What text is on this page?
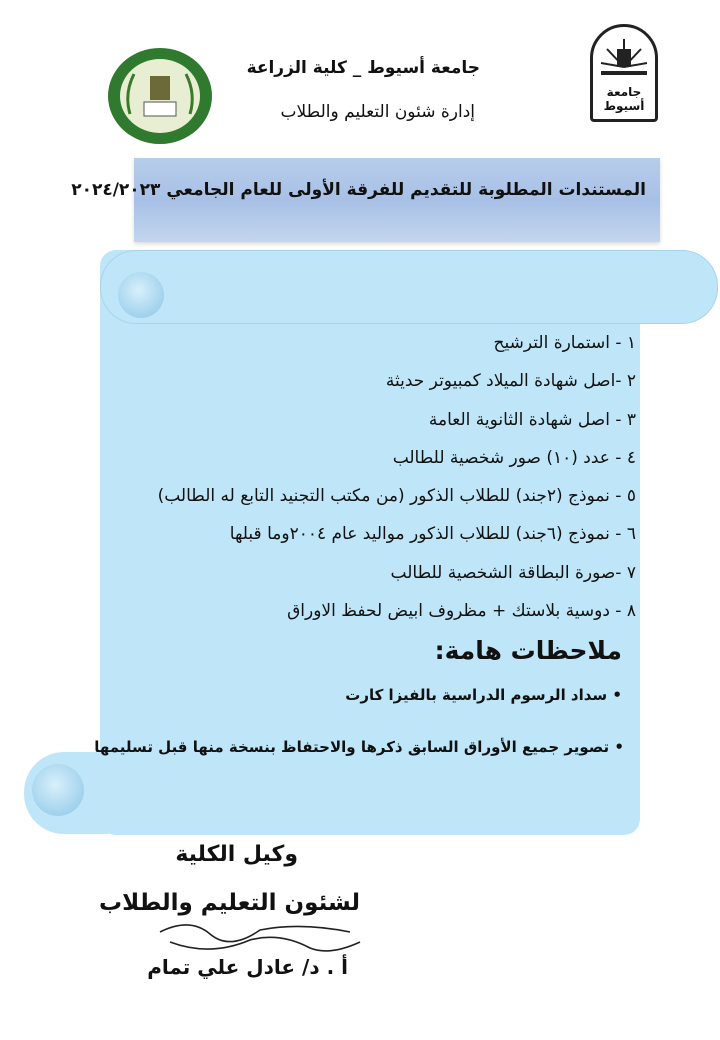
جامعة أسيوط
جامعة أسيوط _ كلية الزراعة
إدارة شئون التعليم والطلاب
المستندات المطلوبة للتقديم للفرقة الأولى للعام الجامعي ٢٠٢٤/٢٠٢٣
١ - استمارة الترشيح
٢ -اصل شهادة الميلاد كمبيوتر حديثة
٣ - اصل شهادة الثانوية العامة
٤ - عدد (١٠) صور شخصية للطالب
٥ - نموذج (٢جند) للطلاب الذكور (من مكتب التجنيد التابع له الطالب)
٦ - نموذج (٦جند) للطلاب الذكور مواليد عام ٢٠٠٤وما قبلها
٧ -صورة البطاقة الشخصية للطالب
٨ - دوسية بلاستك + مظروف ابيض لحفظ الاوراق
ملاحظات هامة:
• سداد الرسوم الدراسية بالفيزا كارت
• تصوير جميع الأوراق السابق ذكرها والاحتفاظ بنسخة منها قبل تسليمها
وكيل الكلية
لشئون التعليم والطلاب
أ . د/ عادل علي تمام
